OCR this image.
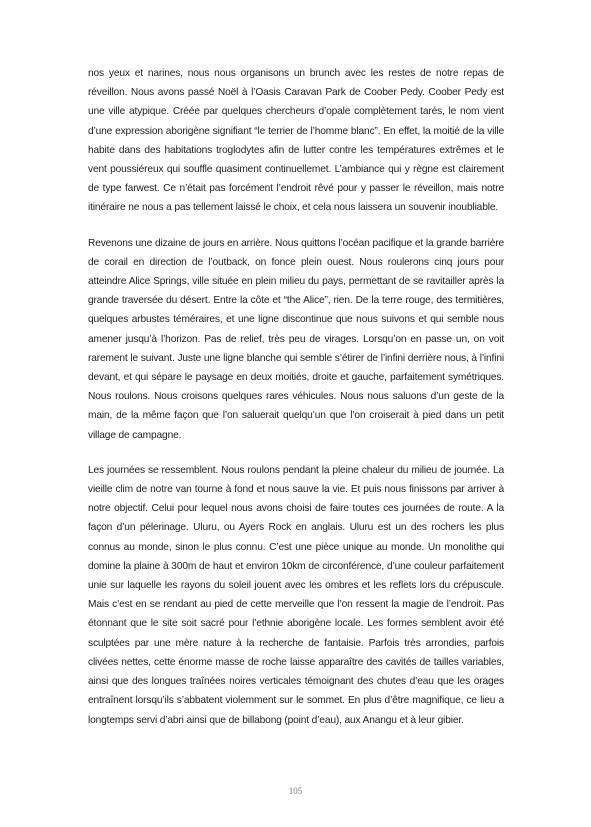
nos yeux et narines, nous nous organisons un brunch avec les restes de notre repas de réveillon. Nous avons passé Noël à l’Oasis Caravan Park de Coober Pedy. Coober Pedy est une ville atypique. Créée par quelques chercheurs d’opale complètement tarés, le nom vient d’une expression aborigène signifiant “le terrier de l’homme blanc”. En effet, la moitié de la ville habite dans des habitations troglodytes afin de lutter contre les températures extrêmes et le vent poussiéreux qui souffle quasiment continuellemet. L’ambiance qui y règne est clairement de type farwest. Ce n’était pas forcément l’endroit rêvé pour y passer le réveillon, mais notre itinéraire ne nous a pas tellement laissé le choix, et cela nous laissera un souvenir inoubliable.

Revenons une dizaine de jours en arrière. Nous quittons l’océan pacifique et la grande barrière de corail en direction de l’outback, on fonce plein ouest. Nous roulerons cinq jours pour atteindre Alice Springs, ville située en plein milieu du pays, permettant de se ravitailler après la grande traversée du désert. Entre la côte et “the Alice”, rien. De la terre rouge, des termitières, quelques arbustes téméraires, et une ligne discontinue que nous suivons et qui semble nous amener jusqu’à l’horizon. Pas de relief, très peu de virages. Lorsqu’on en passe un, on voit rarement le suivant. Juste une ligne blanche qui semble s’étirer de l’infini derrière nous, à l’infini devant, et qui sépare le paysage en deux moitiés, droite et gauche, parfaitement symétriques. Nous roulons. Nous croisons quelques rares véhicules. Nous nous saluons d’un geste de la main, de la même façon que l’on saluerait quelqu’un que l’on croiserait à pied dans un petit village de campagne.

Les journées se ressemblent. Nous roulons pendant la pleine chaleur du milieu de journée. La vieille clim de notre van tourne à fond et nous sauve la vie. Et puis nous finissons par arriver à notre objectif. Celui pour lequel nous avons choisi de faire toutes ces journées de route. A la façon d’un pélerinage. Uluru, ou Ayers Rock en anglais. Uluru est un des rochers les plus connus au monde, sinon le plus connu. C’est une pièce unique au monde. Un monolithe qui domine la plaine à 300m de haut et environ 10km de circonférence, d’une couleur parfaitement unie sur laquelle les rayons du soleil jouent avec les ombres et les reflets lors du crépuscule. Mais c’est en se rendant au pied de cette merveille que l’on ressent la magie de l’endroit. Pas étonnant que le site soit sacré pour l’ethnie aborigène locale. Les formes semblent avoir été sculptées par une mère nature à la recherche de fantaisie. Parfois très arrondies, parfois clivées nettes, cette énorme masse de roche laisse apparaître des cavités de tailles variables, ainsi que des longues traînées noires verticales témoignant des chutes d’eau que les orages entraînent lorsqu’ils s’abbatent violemment sur le sommet. En plus d’être magnifique, ce lieu a longtemps servi d’abri ainsi que de billabong (point d’eau), aux Anangu et à leur gibier.

105
